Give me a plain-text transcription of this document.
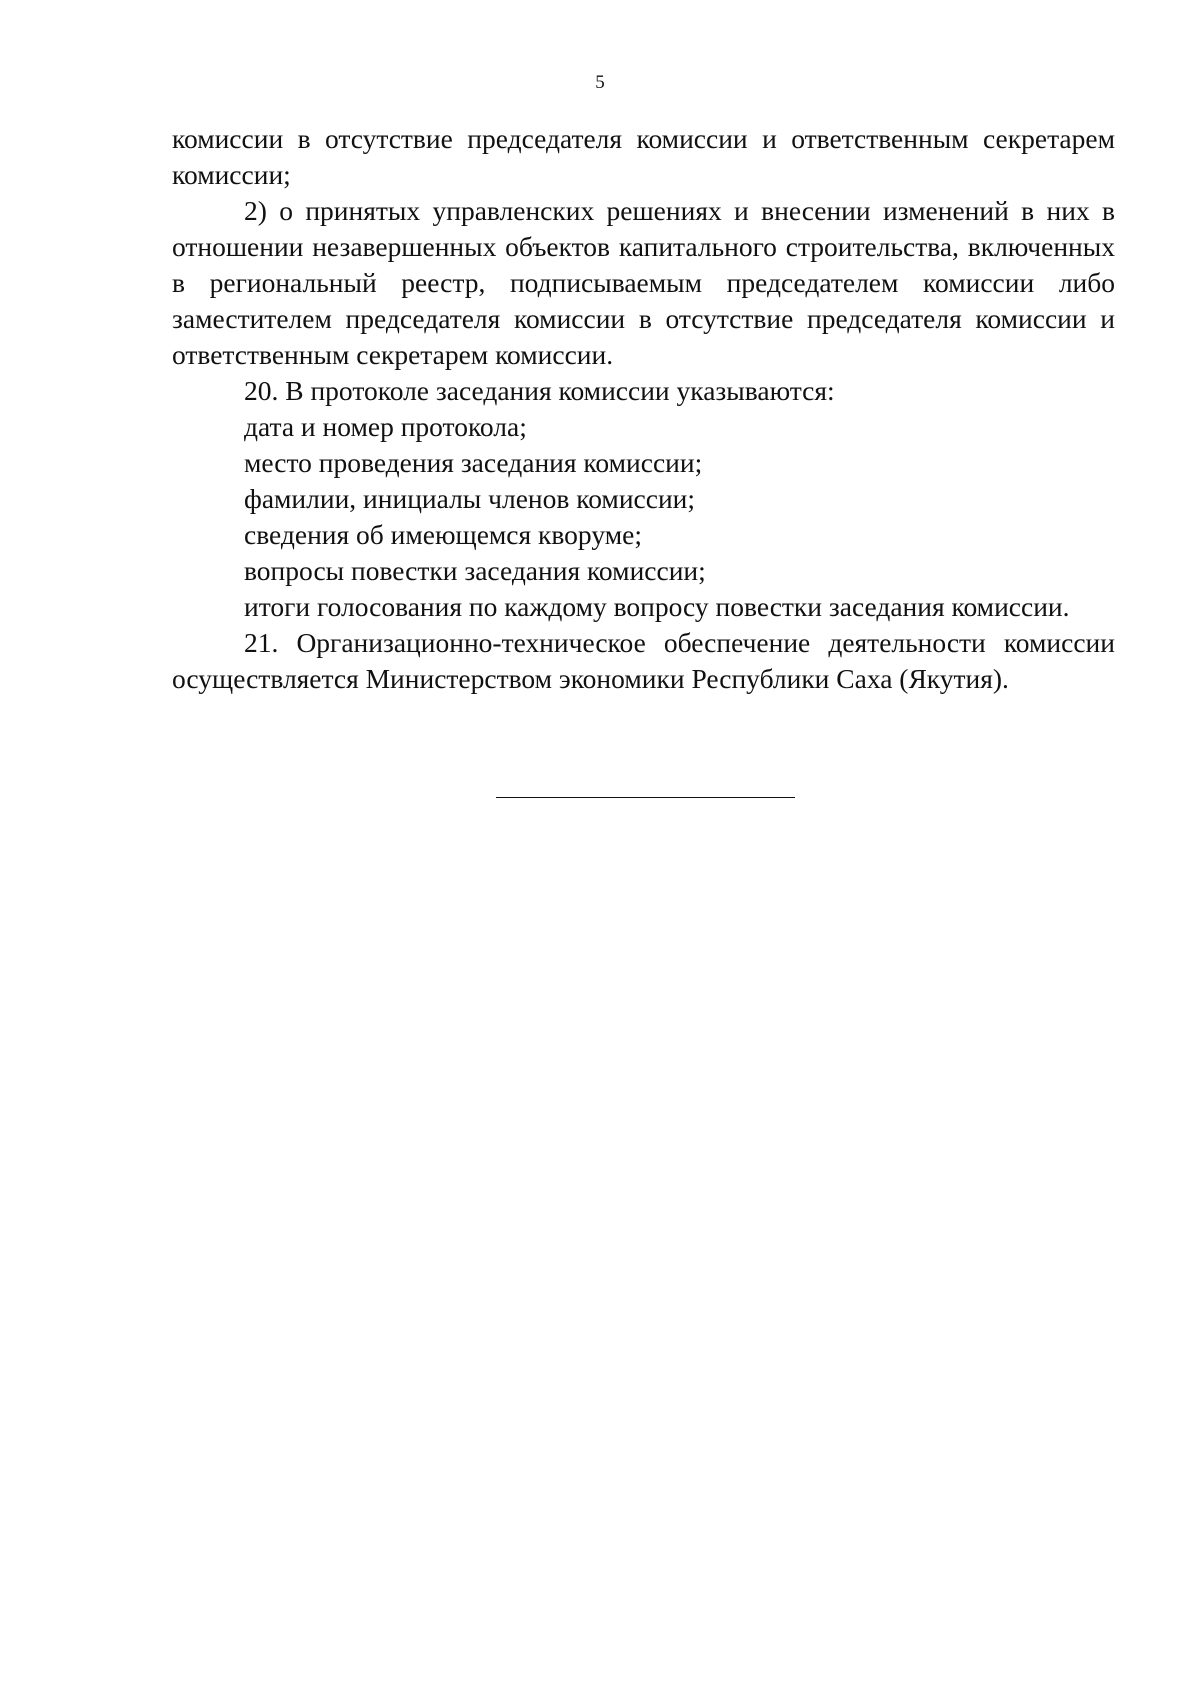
5

комиссии в отсутствие председателя комиссии и ответственным секретарем комиссии;

2) о принятых управленских решениях и внесении изменений в них в отношении незавершенных объектов капитального строительства, включенных в региональный реестр, подписываемым председателем комиссии либо заместителем председателя комиссии в отсутствие председателя комиссии и ответственным секретарем комиссии.

20. В протоколе заседания комиссии указываются:

дата и номер протокола;

место проведения заседания комиссии;

фамилии, инициалы членов комиссии;

сведения об имеющемся кворуме;

вопросы повестки заседания комиссии;

итоги голосования по каждому вопросу повестки заседания комиссии.

21. Организационно-техническое обеспечение деятельности комиссии осуществляется Министерством экономики Республики Саха (Якутия).
